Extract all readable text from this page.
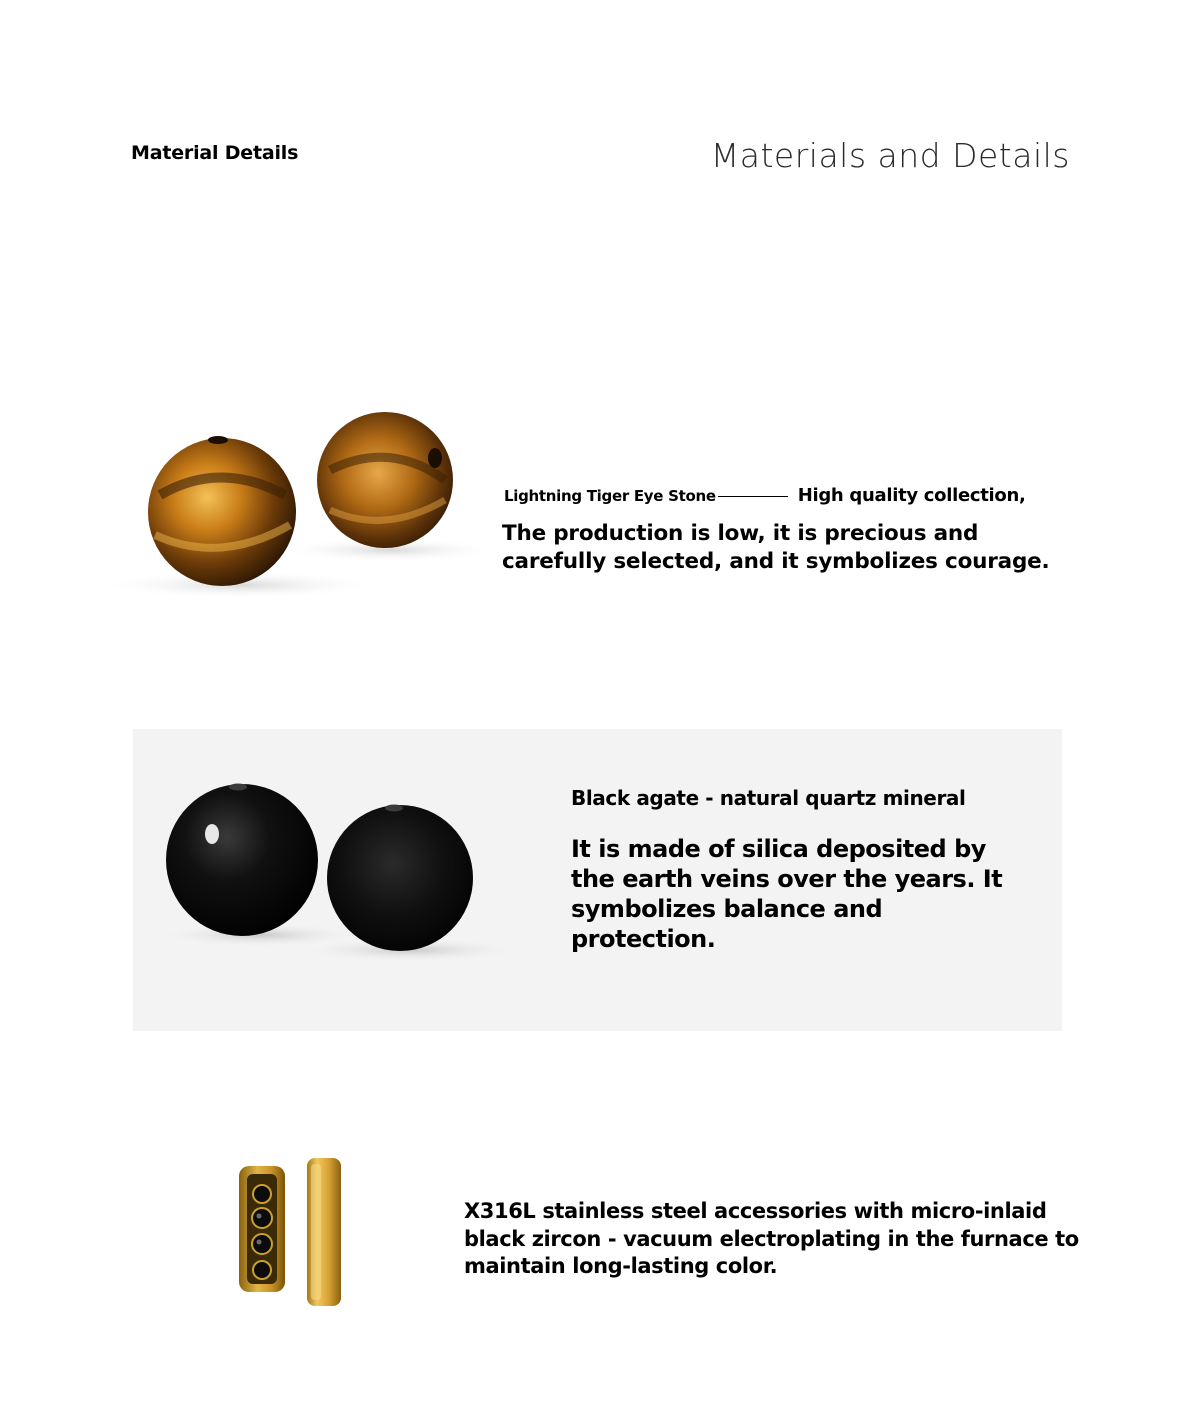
Material Details	Materials and Details
Lightning Tiger Eye Stone	High quality collection,
The production is low, it is precious and carefully selected, and it symbolizes courage.
Black agate - natural quartz mineral
It is made of silica deposited by the earth veins over the years. It symbolizes balance and protection.
X316L stainless steel accessories with micro-inlaid black zircon - vacuum electroplating in the furnace to maintain long-lasting color.
